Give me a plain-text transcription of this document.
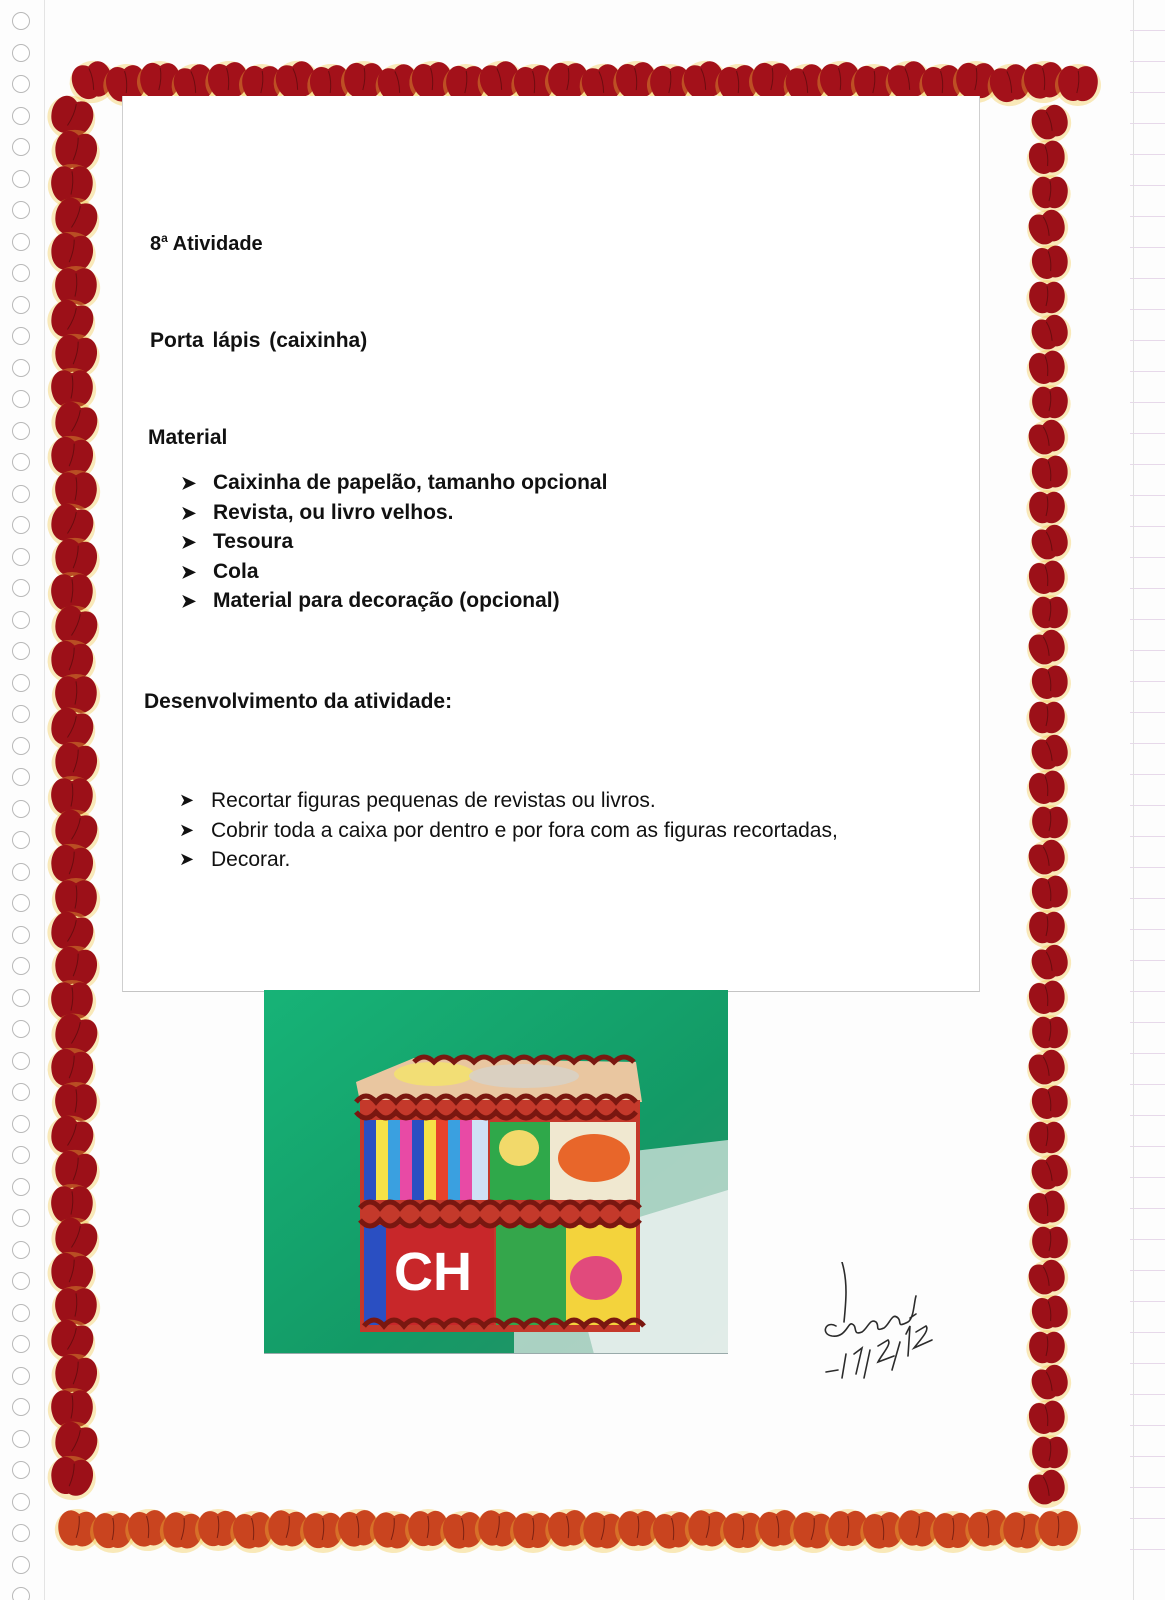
8$^a$ Atividade
Porta lápis (caixinha)
Material
➤ Caixinha de papelão, tamanho opcional
➤ Revista, ou livro velhos.
➤ Tesoura
➤ Cola
➤ Material para decoração (opcional)
Desenvolvimento da atividade:
➤ Recortar figuras pequenas de revistas ou livros.
➤ Cobrir toda a caixa por dentro e por fora com as figuras recortadas,
➤ Decorar.
CH
